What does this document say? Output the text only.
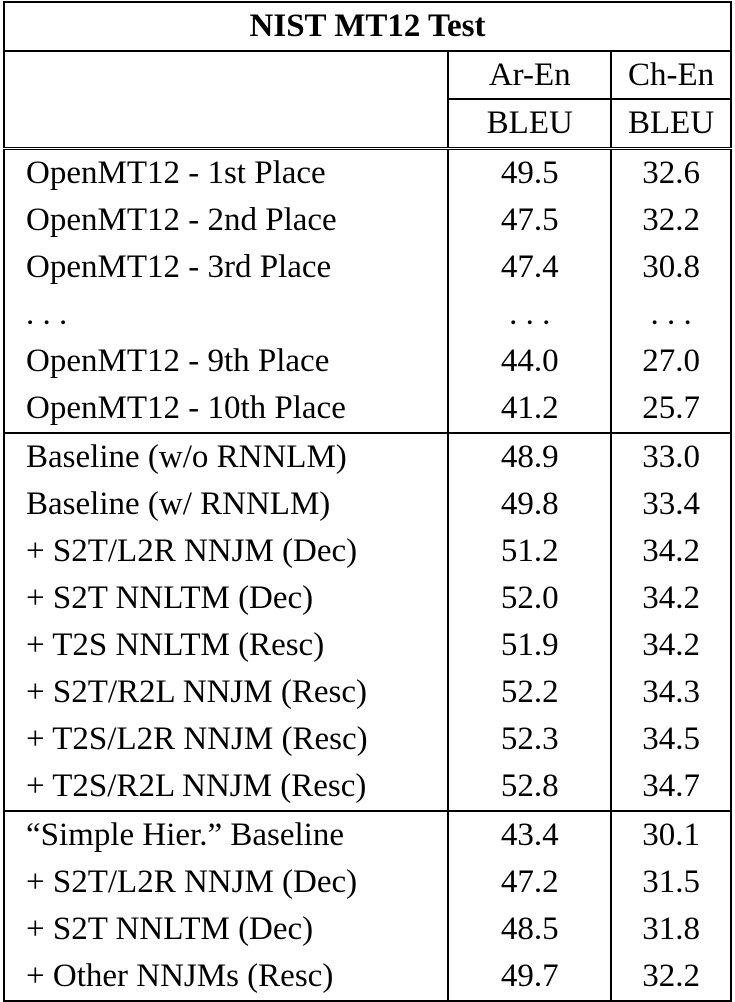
NIST MT12 Test		
	Ar-En	Ch-En
	BLEU	BLEU
OpenMT12 - 1st Place	49.5	32.6
OpenMT12 - 2nd Place	47.5	32.2
OpenMT12 - 3rd Place	47.4	30.8
. . .	. . .	. . .
OpenMT12 - 9th Place	44.0	27.0
OpenMT12 - 10th Place	41.2	25.7
Baseline (w/o RNNLM)	48.9	33.0
Baseline (w/ RNNLM)	49.8	33.4
+ S2T/L2R NNJM (Dec)	51.2	34.2
+ S2T NNLTM (Dec)	52.0	34.2
+ T2S NNLTM (Resc)	51.9	34.2
+ S2T/R2L NNJM (Resc)	52.2	34.3
+ T2S/L2R NNJM (Resc)	52.3	34.5
+ T2S/R2L NNJM (Resc)	52.8	34.7
“Simple Hier.” Baseline	43.4	30.1
+ S2T/L2R NNJM (Dec)	47.2	31.5
+ S2T NNLTM (Dec)	48.5	31.8
+ Other NNJMs (Resc)	49.7	32.2
